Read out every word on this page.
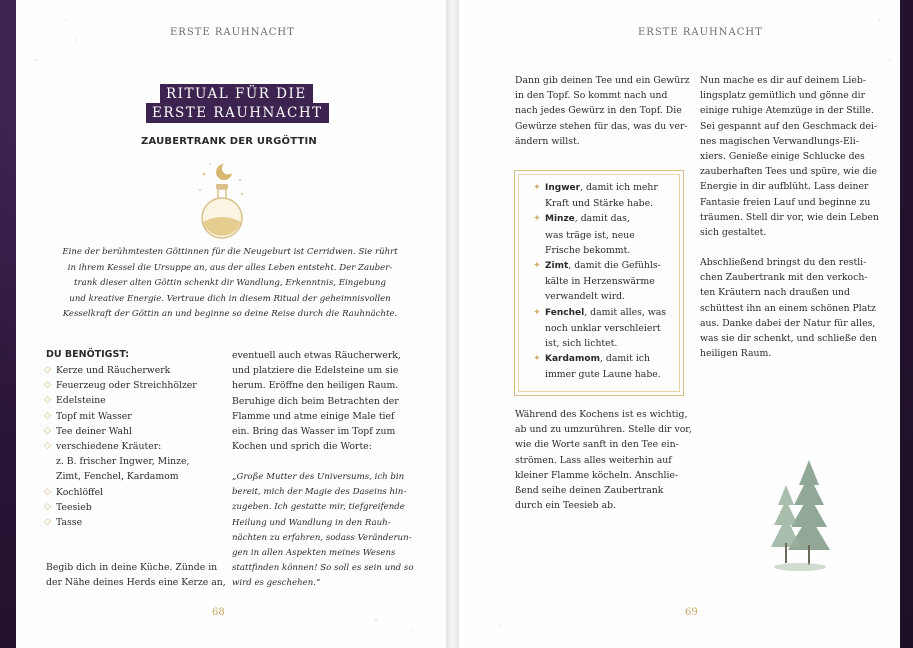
ERSTE RAUHNACHT
RITUAL FÜR DIE
ERSTE RAUHNACHT
ZAUBERTRANK DER URGÖTTIN
Eine der berühmtesten Göttinnen für die Neugeburt ist Cerridwen. Sie rührt
in ihrem Kessel die Ursuppe an, aus der alles Leben entsteht. Der Zauber-
trank dieser alten Göttin schenkt dir Wandlung, Erkenntnis, Eingebung
und kreative Energie. Vertraue dich in diesem Ritual der geheimnisvollen
Kesselkraft der Göttin an und beginne so deine Reise durch die Rauhnächte.
DU BENÖTIGST:
◇ Kerze und Räucherwerk
◇ Feuerzeug oder Streichhölzer
◇ Edelsteine
◇ Topf mit Wasser
◇ Tee deiner Wahl
◇ verschiedene Kräuter:
z. B. frischer Ingwer, Minze,
Zimt, Fenchel, Kardamom
◇ Kochlöffel
◇ Teesieb
◇ Tasse
Begib dich in deine Küche. Zünde in
der Nähe deines Herds eine Kerze an,
eventuell auch etwas Räucherwerk,
und platziere die Edelsteine um sie
herum. Eröffne den heiligen Raum.
Beruhige dich beim Betrachten der
Flamme und atme einige Male tief
ein. Bring das Wasser im Topf zum
Kochen und sprich die Worte:
„Große Mutter des Universums, ich bin
bereit, mich der Magie des Daseins hin-
zugeben. Ich gestatte mir, tiefgreifende
Heilung und Wandlung in den Rauh-
nächten zu erfahren, sodass Veränderun-
gen in allen Aspekten meines Wesens
stattfinden können! So soll es sein und so
wird es geschehen.“
68
ERSTE RAUHNACHT
Dann gib deinen Tee und ein Gewürz
in den Topf. So kommt nach und
nach jedes Gewürz in den Topf. Die
Gewürze stehen für das, was du ver-
ändern willst.
✦ Ingwer, damit ich mehr
Kraft und Stärke habe.
✦ Minze, damit das,
was träge ist, neue
Frische bekommt.
✦ Zimt, damit die Gefühls-
kälte in Herzenswärme
verwandelt wird.
✦ Fenchel, damit alles, was
noch unklar verschleiert
ist, sich lichtet.
✦ Kardamom, damit ich
immer gute Laune habe.
Während des Kochens ist es wichtig,
ab und zu umzurühren. Stelle dir vor,
wie die Worte sanft in den Tee ein-
strömen. Lass alles weiterhin auf
kleiner Flamme köcheln. Anschlie-
ßend seihe deinen Zaubertrank
durch ein Teesieb ab.
Nun mache es dir auf deinem Lieb-
lingsplatz gemütlich und gönne dir
einige ruhige Atemzüge in der Stille.
Sei gespannt auf den Geschmack dei-
nes magischen Verwandlungs-Eli-
xiers. Genieße einige Schlucke des
zauberhaften Tees und spüre, wie die
Energie in dir aufblüht. Lass deiner
Fantasie freien Lauf und beginne zu
träumen. Stell dir vor, wie dein Leben
sich gestaltet.
Abschließend bringst du den restli-
chen Zaubertrank mit den verkoch-
ten Kräutern nach draußen und
schüttest ihn an einem schönen Platz
aus. Danke dabei der Natur für alles,
was sie dir schenkt, und schließe den
heiligen Raum.
69
